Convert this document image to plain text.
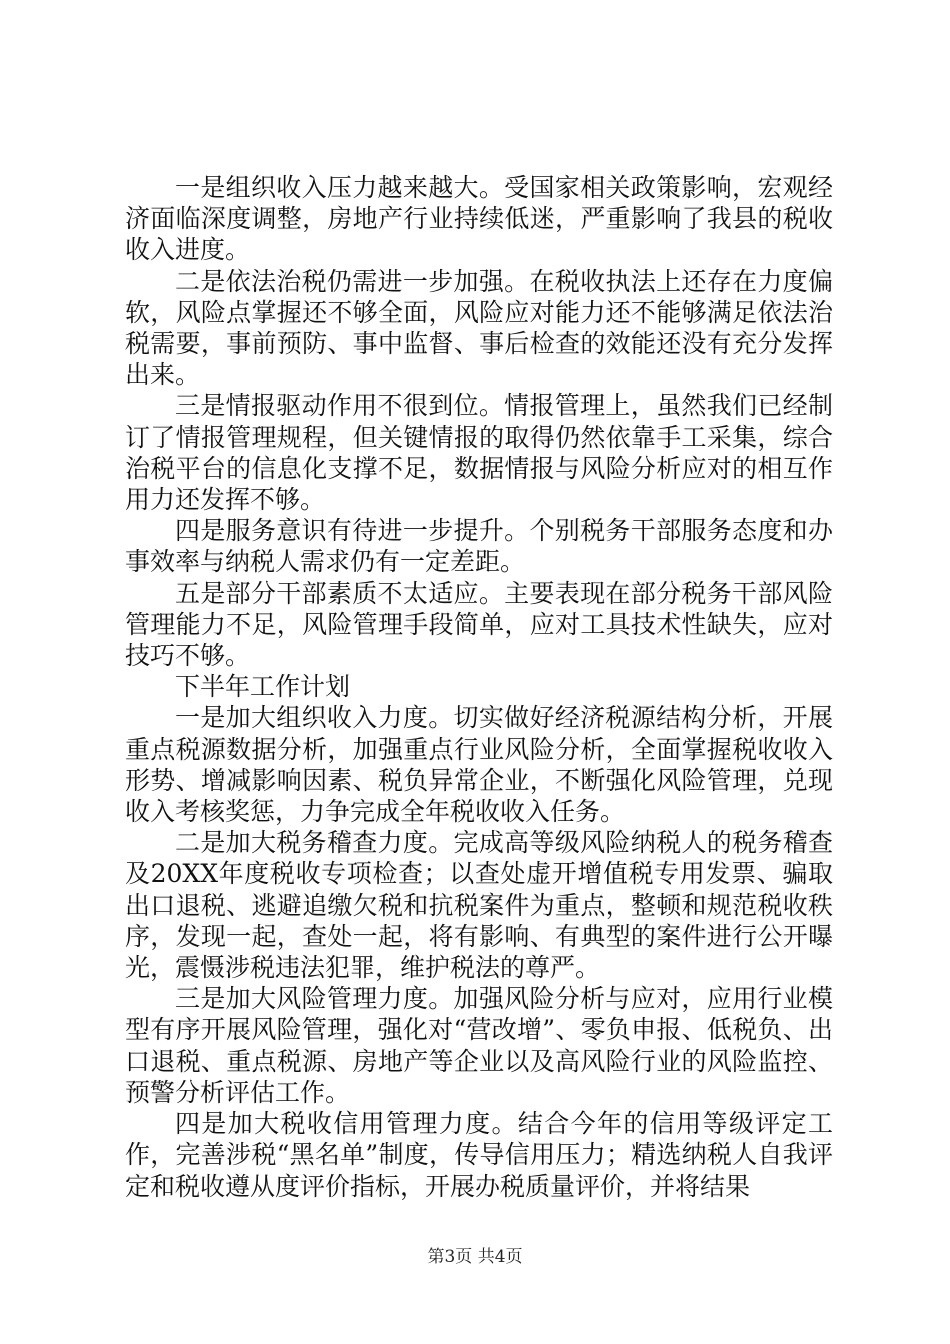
一是组织收入压力越来越大。受国家相关政策影响，宏观经济面临深度调整，房地产行业持续低迷，严重影响了我县的税收收入进度。

二是依法治税仍需进一步加强。在税收执法上还存在力度偏软，风险点掌握还不够全面，风险应对能力还不能够满足依法治税需要，事前预防、事中监督、事后检查的效能还没有充分发挥出来。

三是情报驱动作用不很到位。情报管理上，虽然我们已经制订了情报管理规程，但关键情报的取得仍然依靠手工采集，综合治税平台的信息化支撑不足，数据情报与风险分析应对的相互作用力还发挥不够。

四是服务意识有待进一步提升。个别税务干部服务态度和办事效率与纳税人需求仍有一定差距。

五是部分干部素质不太适应。主要表现在部分税务干部风险管理能力不足，风险管理手段简单，应对工具技术性缺失，应对技巧不够。

下半年工作计划

一是加大组织收入力度。切实做好经济税源结构分析，开展重点税源数据分析，加强重点行业风险分析，全面掌握税收收入形势、增减影响因素、税负异常企业，不断强化风险管理，兑现收入考核奖惩，力争完成全年税收收入任务。

二是加大税务稽查力度。完成高等级风险纳税人的税务稽查及20XX年度税收专项检查；以查处虚开增值税专用发票、骗取出口退税、逃避追缴欠税和抗税案件为重点，整顿和规范税收秩序，发现一起，查处一起，将有影响、有典型的案件进行公开曝光，震慑涉税违法犯罪，维护税法的尊严。

三是加大风险管理力度。加强风险分析与应对，应用行业模型有序开展风险管理，强化对“营改增”、零负申报、低税负、出口退税、重点税源、房地产等企业以及高风险行业的风险监控、预警分析评估工作。

四是加大税收信用管理力度。结合今年的信用等级评定工作，完善涉税“黑名单”制度，传导信用压力；精选纳税人自我评定和税收遵从度评价指标，开展办税质量评价，并将结果

第3页 共4页
